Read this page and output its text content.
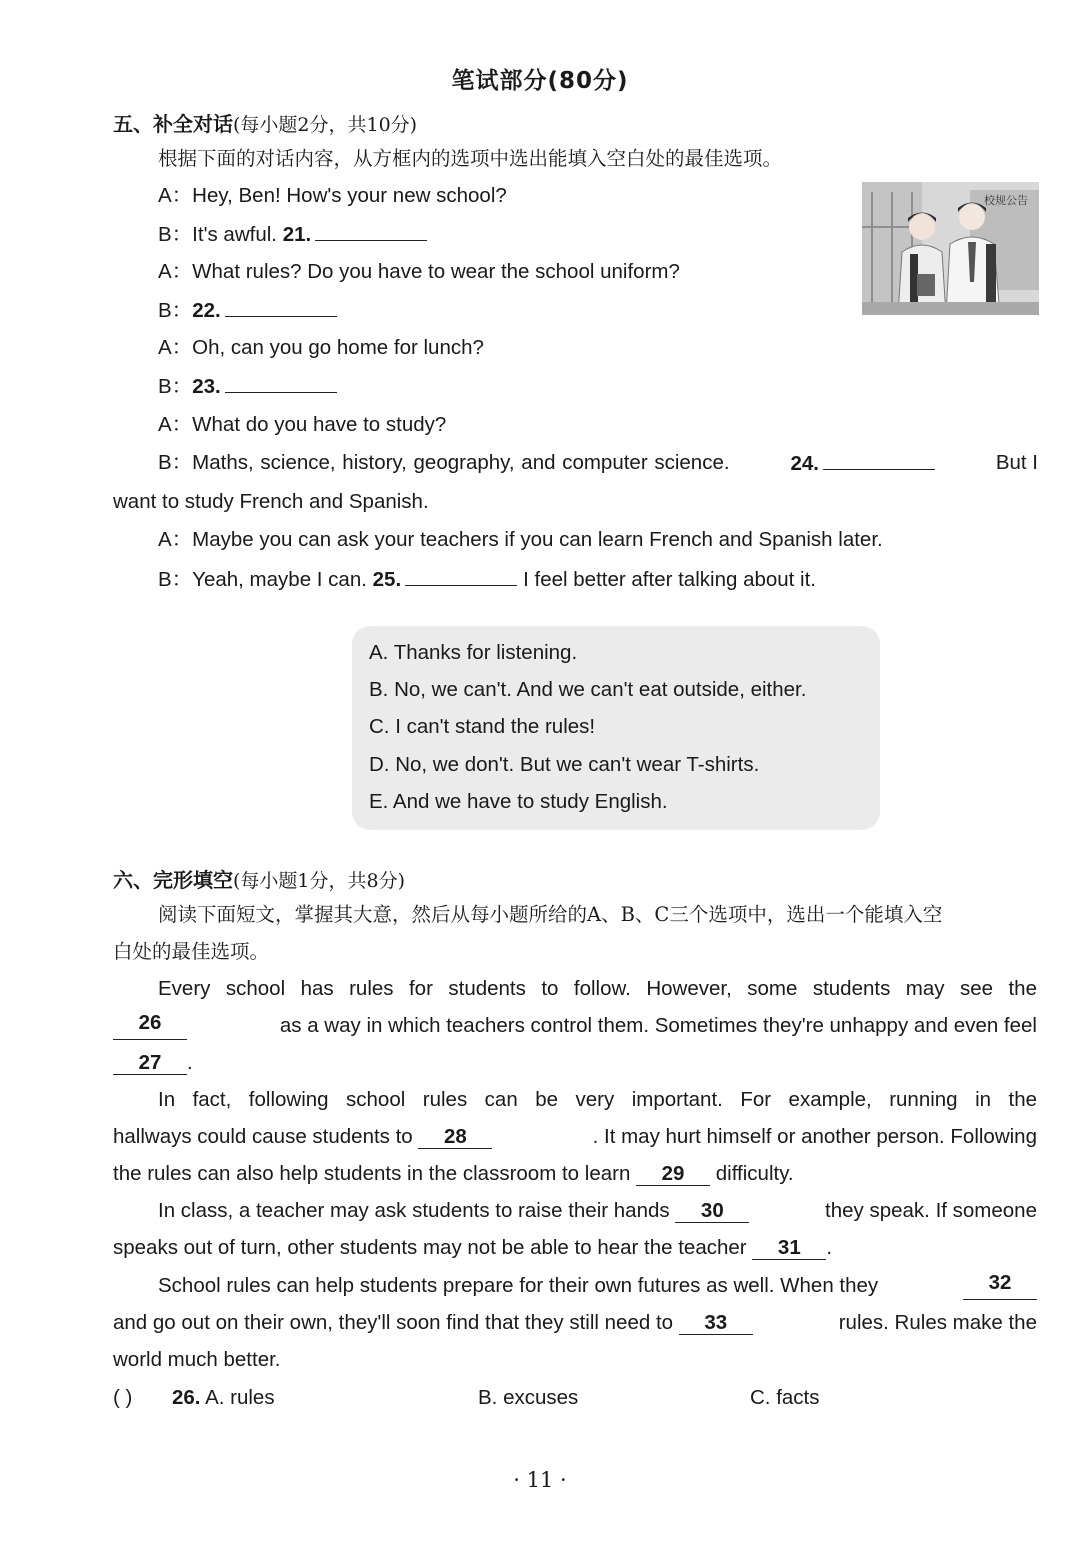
笔试部分(80分)
五、补全对话(每小题2分，共10分)
根据下面的对话内容，从方框内的选项中选出能填入空白处的最佳选项。
A：Hey, Ben! How's your new school?
B：It's awful. 21.
A：What rules? Do you have to wear the school uniform?
B：22.
A：Oh, can you go home for lunch?
B：23.
A：What do you have to study?
B：Maths, science, history, geography, and computer science.	24.	But I
want to study French and Spanish.
A：Maybe you can ask your teachers if you can learn French and Spanish later.
B：Yeah, maybe I can. 25.	I feel better after talking about it.
校规公告
A. Thanks for listening.
B. No, we can't. And we can't eat outside, either.
C. I can't stand the rules!
D. No, we don't. But we can't wear T-shirts.
E. And we have to study English.
六、完形填空(每小题1分，共8分)
阅读下面短文，掌握其大意，然后从每小题所给的A、B、C三个选项中，选出一个能填入空
白处的最佳选项。
Every school has rules for students to follow. However, some students may see the
26	as a way in which teachers control them. Sometimes they're unhappy and even feel
27 .
In fact, following school rules can be very important. For example, running in the
hallways could cause students to 28	. It may hurt himself or another person. Following
the rules can also help students in the classroom to learn 29 difficulty.
In class, a teacher may ask students to raise their hands 30	they speak. If someone
speaks out of turn, other students may not be able to hear the teacher 31 .
School rules can help students prepare for their own futures as well. When they	32
and go out on their own, they'll soon find that they still need to 33	rules. Rules make the
world much better.
( ) 26. A. rules	B. excuses	C. facts
· 11 ·
